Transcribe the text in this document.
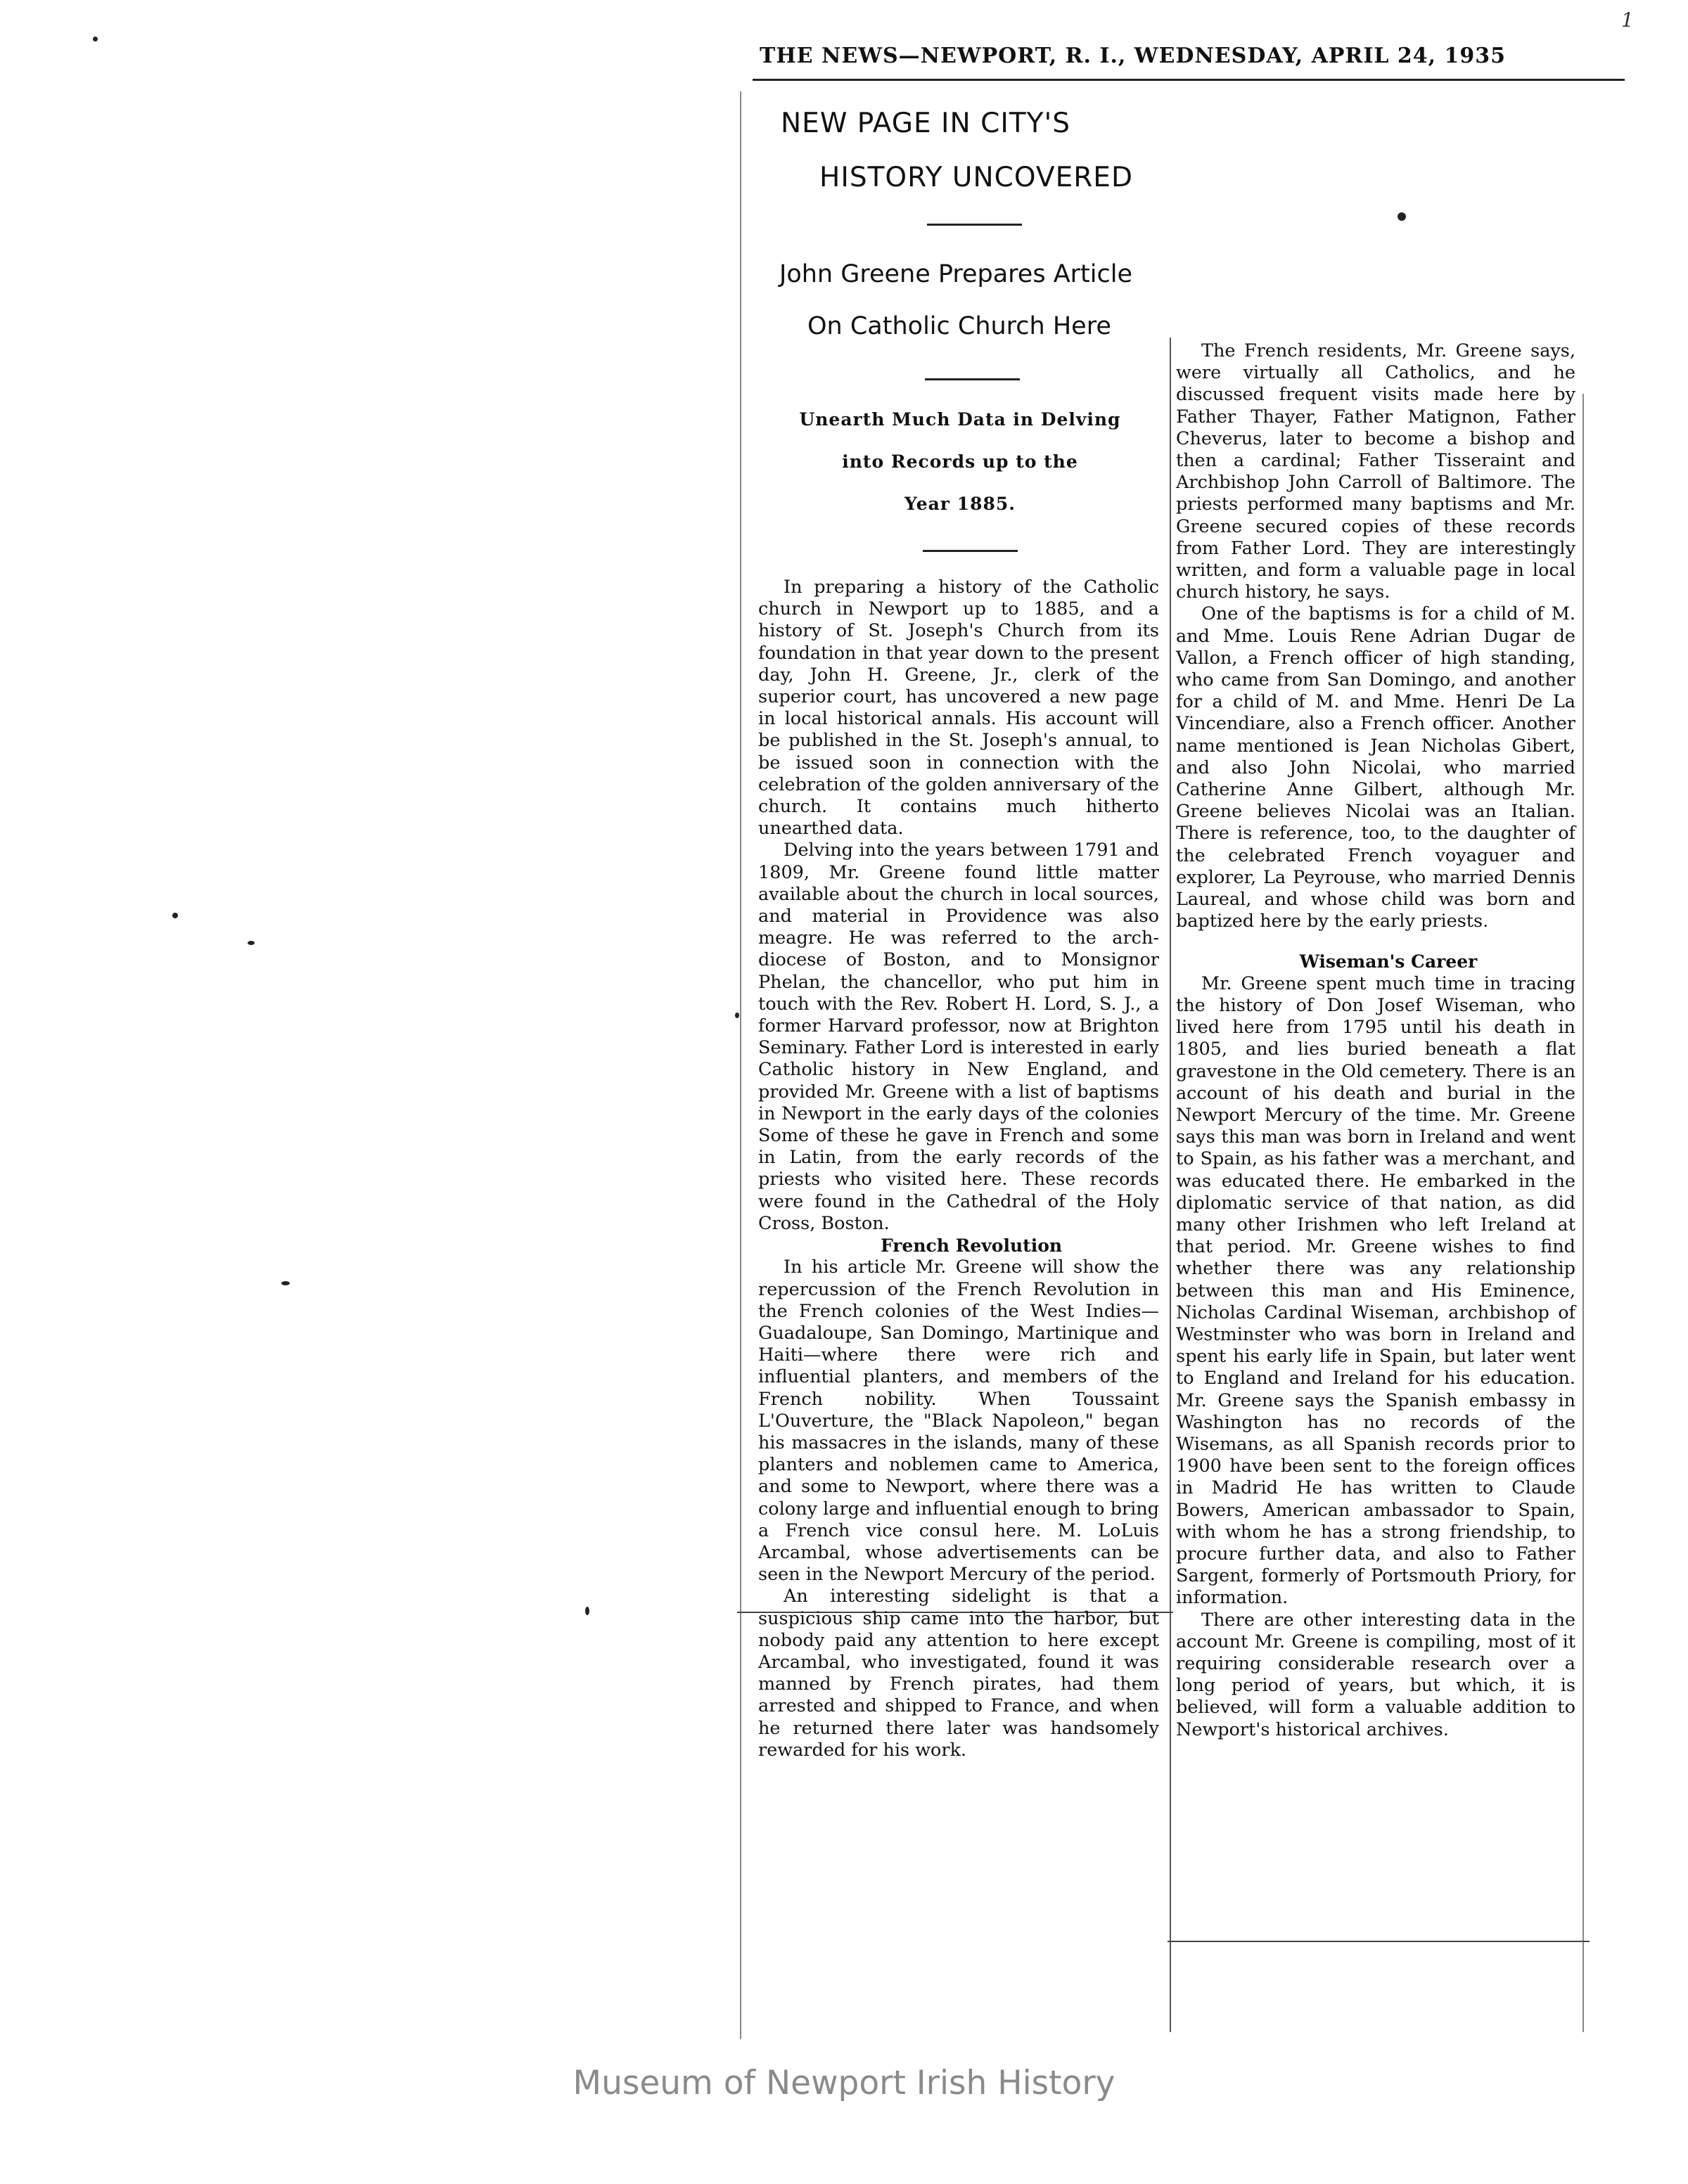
1
THE NEWS—NEWPORT, R. I., WEDNESDAY, APRIL 24, 1935
NEW PAGE IN CITY'S
HISTORY UNCOVERED
John Greene Prepares Article
On Catholic Church Here
Unearth Much Data in Delving
into Records up to the
Year 1885.

In preparing a history of the Catholic church in Newport up to 1885, and a history of St. Joseph's Church from its foundation in that year down to the present day, John H. Greene, Jr., clerk of the superior court, has uncovered a new page in local historical annals. His account will be published in the St. Joseph's annual, to be issued soon in connection with the celebration of the golden anniversary of the church. It contains much hitherto unearthed data.

Delving into the years between 1791 and 1809, Mr. Greene found little matter available about the church in local sources, and material in Providence was also meagre. He was referred to the arch-diocese of Boston, and to Monsignor Phelan, the chancellor, who put him in touch with the Rev. Robert H. Lord, S. J., a former Harvard professor, now at Brighton Seminary. Father Lord is interested in early Catholic history in New England, and provided Mr. Greene with a list of baptisms in Newport in the early days of the colonies Some of these he gave in French and some in Latin, from the early records of the priests who visited here. These records were found in the Cathedral of the Holy Cross, Boston.

French Revolution

In his article Mr. Greene will show the repercussion of the French Revolution in the French colonies of the West Indies—Guadaloupe, San Domingo, Martinique and Haiti—where there were rich and influential planters, and members of the French nobility. When Toussaint L'Ouverture, the "Black Napoleon," began his massacres in the islands, many of these planters and noblemen came to America, and some to Newport, where there was a colony large and influential enough to bring a French vice consul here. M. LoLuis Arcambal, whose advertisements can be seen in the Newport Mercury of the period.

An interesting sidelight is that a suspicious ship came into the harbor, but nobody paid any attention to here except Arcambal, who investigated, found it was manned by French pirates, had them arrested and shipped to France, and when he returned there later was handsomely rewarded for his work.

The French residents, Mr. Greene says, were virtually all Catholics, and he discussed frequent visits made here by Father Thayer, Father Matignon, Father Cheverus, later to become a bishop and then a cardinal; Father Tisseraint and Archbishop John Carroll of Baltimore. The priests performed many baptisms and Mr. Greene secured copies of these records from Father Lord. They are interestingly written, and form a valuable page in local church history, he says.

One of the baptisms is for a child of M. and Mme. Louis Rene Adrian Dugar de Vallon, a French officer of high standing, who came from San Domingo, and another for a child of M. and Mme. Henri De La Vincendiare, also a French officer. Another name mentioned is Jean Nicholas Gibert, and also John Nicolai, who married Catherine Anne Gilbert, although Mr. Greene believes Nicolai was an Italian. There is reference, too, to the daughter of the celebrated French voyaguer and explorer, La Peyrouse, who married Dennis Laureal, and whose child was born and baptized here by the early priests.

Wiseman's Career

Mr. Greene spent much time in tracing the history of Don Josef Wiseman, who lived here from 1795 until his death in 1805, and lies buried beneath a flat gravestone in the Old cemetery. There is an account of his death and burial in the Newport Mercury of the time. Mr. Greene says this man was born in Ireland and went to Spain, as his father was a merchant, and was educated there. He embarked in the diplomatic service of that nation, as did many other Irishmen who left Ireland at that period. Mr. Greene wishes to find whether there was any relationship between this man and His Eminence, Nicholas Cardinal Wiseman, archbishop of Westminster who was born in Ireland and spent his early life in Spain, but later went to England and Ireland for his education. Mr. Greene says the Spanish embassy in Washington has no records of the Wisemans, as all Spanish records prior to 1900 have been sent to the foreign offices in Madrid He has written to Claude Bowers, American ambassador to Spain, with whom he has a strong friendship, to procure further data, and also to Father Sargent, formerly of Portsmouth Priory, for information.

There are other interesting data in the account Mr. Greene is compiling, most of it requiring considerable research over a long period of years, but which, it is believed, will form a valuable addition to Newport's historical archives.

Museum of Newport Irish History
